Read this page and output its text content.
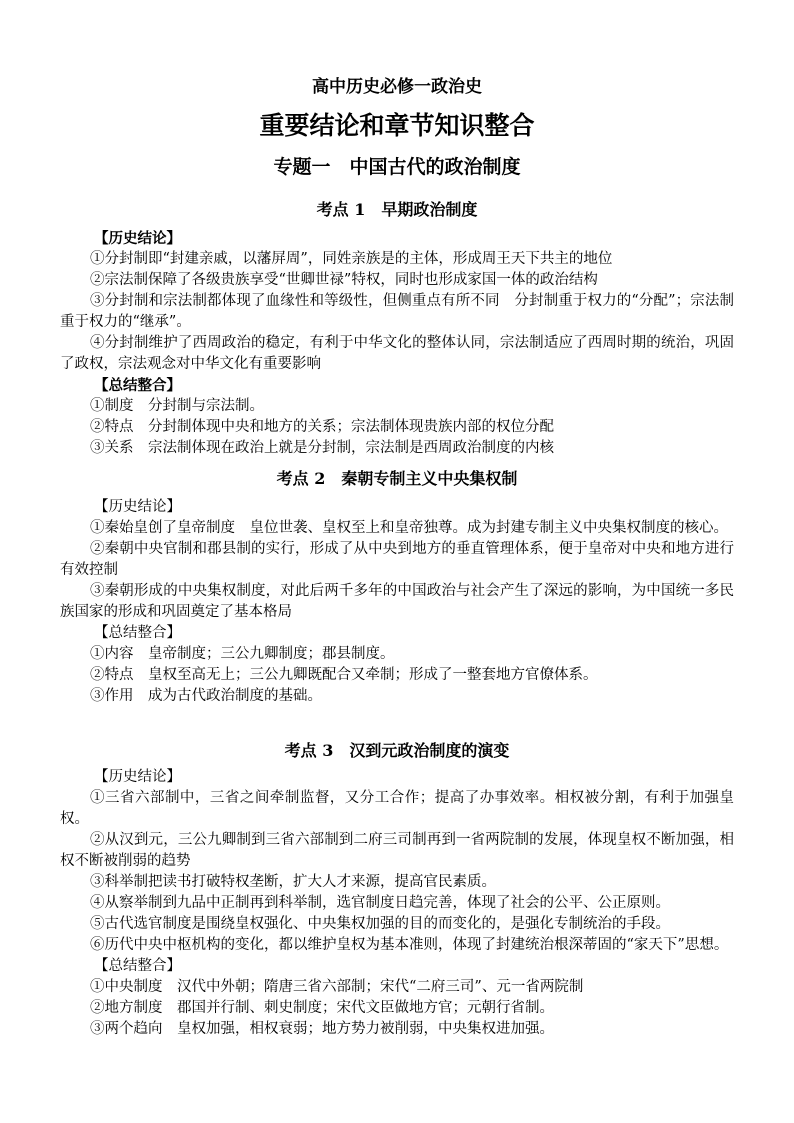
高中历史必修一政治史
重要结论和章节知识整合
专题一　中国古代的政治制度
考点 1　早期政治制度
【历史结论】
①分封制即“封建亲戚，以藩屏周”，同姓亲族是的主体，形成周王天下共主的地位
②宗法制保障了各级贵族享受“世卿世禄”特权，同时也形成家国一体的政治结构
③分封制和宗法制都体现了血缘性和等级性，但侧重点有所不同　分封制重于权力的“分配”；宗法制重于权力的“继承”。
④分封制维护了西周政治的稳定，有利于中华文化的整体认同，宗法制适应了西周时期的统治，巩固了政权，宗法观念对中华文化有重要影响
【总结整合】
①制度　分封制与宗法制。
②特点　分封制体现中央和地方的关系；宗法制体现贵族内部的权位分配
③关系　宗法制体现在政治上就是分封制，宗法制是西周政治制度的内核
考点 2　秦朝专制主义中央集权制
【历史结论】
①秦始皇创了皇帝制度　皇位世袭、皇权至上和皇帝独尊。成为封建专制主义中央集权制度的核心。
②秦朝中央官制和郡县制的实行，形成了从中央到地方的垂直管理体系，便于皇帝对中央和地方进行有效控制
③秦朝形成的中央集权制度，对此后两千多年的中国政治与社会产生了深远的影响，为中国统一多民族国家的形成和巩固奠定了基本格局
【总结整合】
①内容　皇帝制度；三公九卿制度；郡县制度。
②特点　皇权至高无上；三公九卿既配合又牵制；形成了一整套地方官僚体系。
③作用　成为古代政治制度的基础。
考点 3　汉到元政治制度的演变
【历史结论】
①三省六部制中，三省之间牵制监督，又分工合作；提高了办事效率。相权被分割，有利于加强皇权。
②从汉到元，三公九卿制到三省六部制到二府三司制再到一省两院制的发展，体现皇权不断加强，相权不断被削弱的趋势
③科举制把读书打破特权垄断，扩大人才来源，提高官民素质。
④从察举制到九品中正制再到科举制，选官制度日趋完善，体现了社会的公平、公正原则。
⑤古代选官制度是围绕皇权强化、中央集权加强的目的而变化的，是强化专制统治的手段。
⑥历代中央中枢机构的变化，都以维护皇权为基本准则，体现了封建统治根深蒂固的“家天下”思想。
【总结整合】
①中央制度　汉代中外朝；隋唐三省六部制；宋代“二府三司”、元一省两院制
②地方制度　郡国并行制、刺史制度；宋代文臣做地方官；元朝行省制。
③两个趋向　皇权加强，相权衰弱；地方势力被削弱，中央集权进加强。
